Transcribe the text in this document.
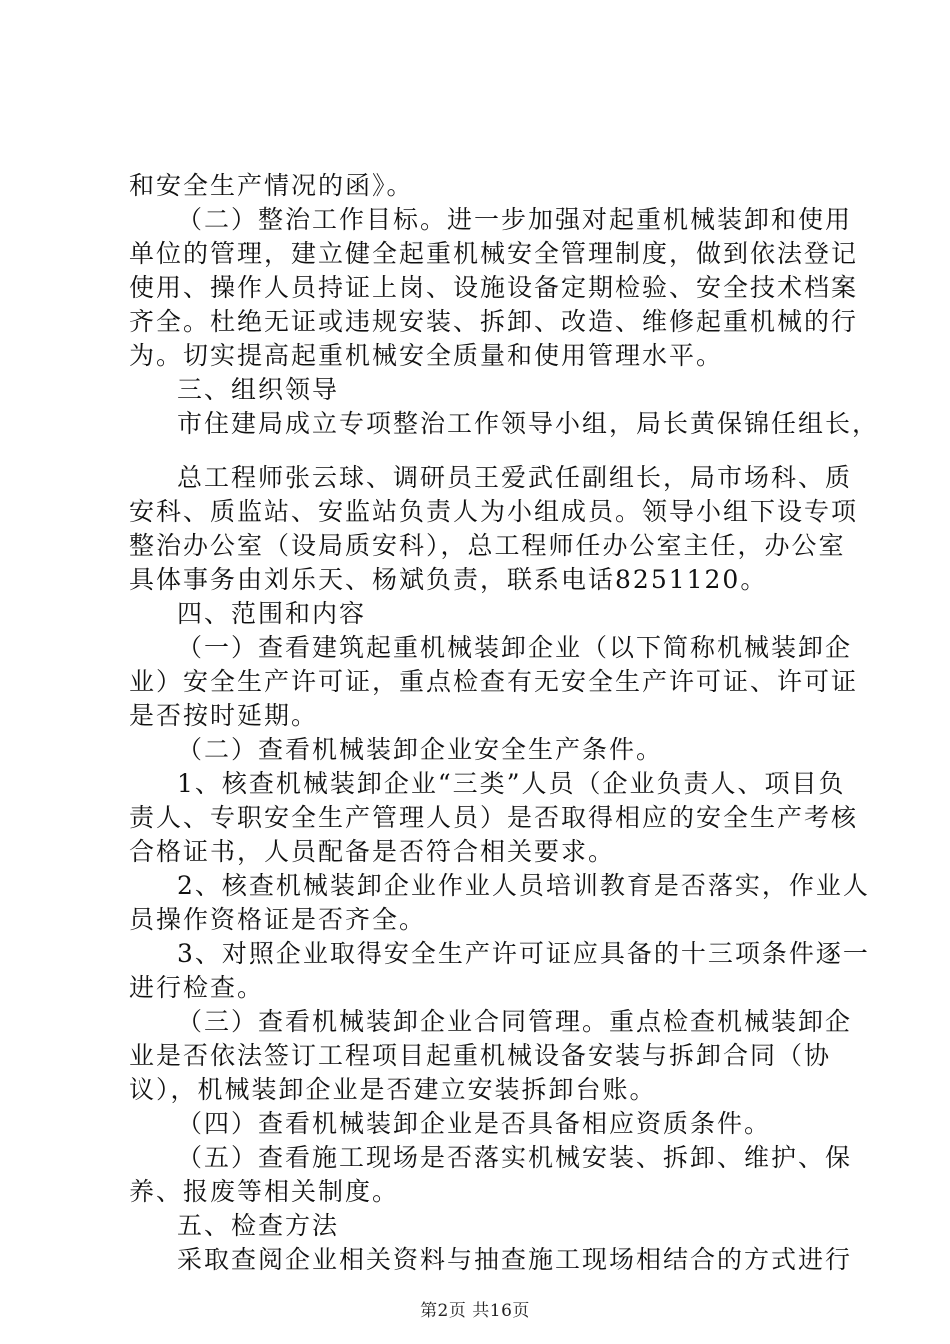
和安全生产情况的函》。
（二）整治工作目标。进一步加强对起重机械装卸和使用
单位的管理，建立健全起重机械安全管理制度，做到依法登记
使用、操作人员持证上岗、设施设备定期检验、安全技术档案
齐全。杜绝无证或违规安装、拆卸、改造、维修起重机械的行
为。切实提高起重机械安全质量和使用管理水平。
三、组织领导
市住建局成立专项整治工作领导小组，局长黄保锦任组长，
总工程师张云球、调研员王爱武任副组长，局市场科、质
安科、质监站、安监站负责人为小组成员。领导小组下设专项
整治办公室（设局质安科），总工程师任办公室主任，办公室
具体事务由刘乐天、杨斌负责，联系电话8251120。
四、范围和内容
（一）查看建筑起重机械装卸企业（以下简称机械装卸企
业）安全生产许可证，重点检查有无安全生产许可证、许可证
是否按时延期。
（二）查看机械装卸企业安全生产条件。
1、核查机械装卸企业“三类”人员（企业负责人、项目负
责人、专职安全生产管理人员）是否取得相应的安全生产考核
合格证书，人员配备是否符合相关要求。
2、核查机械装卸企业作业人员培训教育是否落实，作业人
员操作资格证是否齐全。
3、对照企业取得安全生产许可证应具备的十三项条件逐一
进行检查。
（三）查看机械装卸企业合同管理。重点检查机械装卸企
业是否依法签订工程项目起重机械设备安装与拆卸合同（协
议），机械装卸企业是否建立安装拆卸台账。
（四）查看机械装卸企业是否具备相应资质条件。
（五）查看施工现场是否落实机械安装、拆卸、维护、保
养、报废等相关制度。
五、检查方法
采取查阅企业相关资料与抽查施工现场相结合的方式进行
第2页 共16页
